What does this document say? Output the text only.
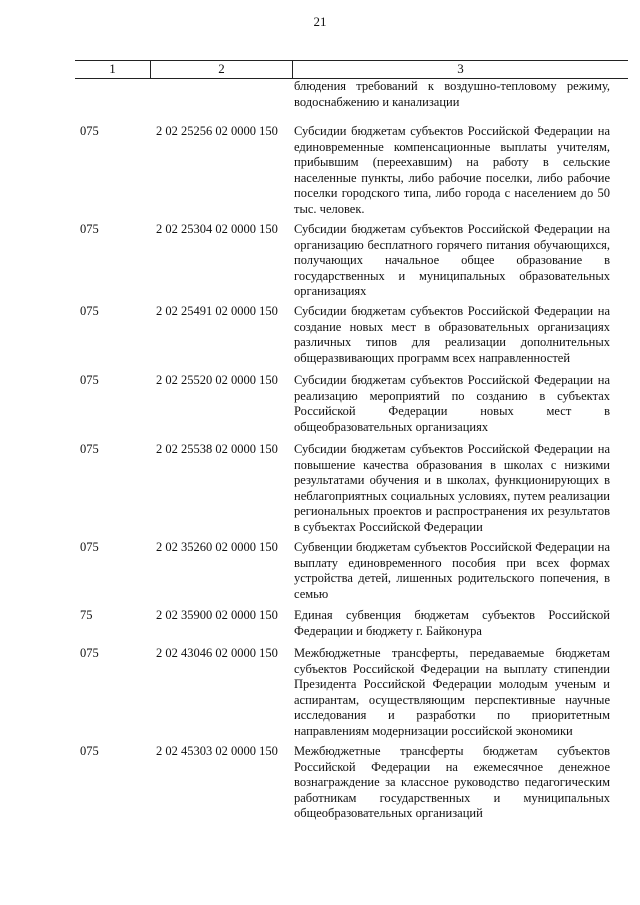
21
1	2	3
блюдения требований к воздушно-тепловому режиму, водоснабжению и канализации
075	2 02 25256 02 0000 150 Субсидии бюджетам субъектов Российской Федерации на единовременные компенсационные выплаты учителям, прибывшим (переехавшим) на работу в сельские населенные пункты, либо рабочие поселки, либо рабочие поселки городского типа, либо города с населением до 50 тыс. человек.
075	2 02 25304 02 0000 150 Субсидии бюджетам субъектов Российской Федерации на организацию бесплатного горячего питания обучающихся, получающих начальное общее образование в государственных и муниципальных образовательных организациях
075	2 02 25491 02 0000 150 Субсидии бюджетам субъектов Российской Федерации на создание новых мест в образовательных организациях различных типов для реализации дополнительных общеразвивающих программ всех направленностей
075	2 02 25520 02 0000 150 Субсидии бюджетам субъектов Российской Федерации на реализацию мероприятий по созданию в субъектах Российской Федерации новых мест в общеобразовательных организациях
075	2 02 25538 02 0000 150 Субсидии бюджетам субъектов Российской Федерации на повышение качества образования в школах с низкими результатами обучения и в школах, функционирующих в неблагоприятных социальных условиях, путем реализации региональных проектов и распространения их результатов в субъектах Российской Федерации
075	2 02 35260 02 0000 150 Субвенции бюджетам субъектов Российской Федерации на выплату единовременного пособия при всех формах устройства детей, лишенных родительского попечения, в семью
75	2 02 35900 02 0000 150 Единая субвенция бюджетам субъектов Российской Федерации и бюджету г. Байконура
075	2 02 43046 02 0000 150 Межбюджетные трансферты, передаваемые бюджетам субъектов Российской Федерации на выплату стипендии Президента Российской Федерации молодым ученым и аспирантам, осуществляющим перспективные научные исследования и разработки по приоритетным направлениям модернизации российской экономики
075	2 02 45303 02 0000 150 Межбюджетные трансферты бюджетам субъектов Российской Федерации на ежемесячное денежное вознаграждение за классное руководство педагогическим работникам государственных и муниципальных общеобразовательных организаций
